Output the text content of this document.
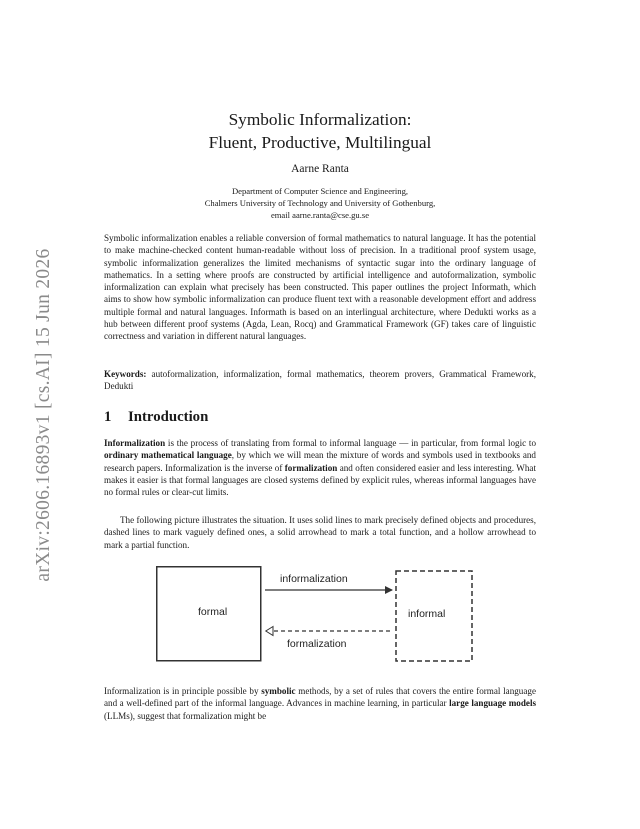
arXiv:2606.16893v1 [cs.AI] 15 Jun 2026
Symbolic Informalization:
Fluent, Productive, Multilingual
Aarne Ranta
Department of Computer Science and Engineering,
Chalmers University of Technology and University of Gothenburg,
email aarne.ranta@cse.gu.se

Symbolic informalization enables a reliable conversion of formal mathematics to natural language. It has the potential to make machine-checked content human-readable without loss of precision. In a traditional proof system usage, symbolic informalization generalizes the limited mechanisms of syntactic sugar into the ordinary language of mathematics. In a setting where proofs are constructed by artificial intelligence and autoformalization, symbolic informalization can explain what precisely has been constructed. This paper outlines the project Informath, which aims to show how symbolic informalization can produce fluent text with a reasonable development effort and address multiple formal and natural languages. Informath is based on an interlingual architecture, where Dedukti works as a hub between different proof systems (Agda, Lean, Rocq) and Grammatical Framework (GF) takes care of linguistic correctness and variation in different natural languages.

Keywords: autoformalization, informalization, formal mathematics, theorem provers, Grammatical Framework, Dedukti

1 Introduction

Informalization is the process of translating from formal to informal language — in particular, from formal logic to ordinary mathematical language, by which we will mean the mixture of words and symbols used in textbooks and research papers. Informalization is the inverse of formalization and often considered easier and less interesting. What makes it easier is that formal languages are closed systems defined by explicit rules, whereas informal languages have no formal rules or clear-cut limits.

The following picture illustrates the situation. It uses solid lines to mark precisely defined objects and procedures, dashed lines to mark vaguely defined ones, a solid arrowhead to mark a total function, and a hollow arrowhead to mark a partial function.

formal	informal
informalization
formalization

Informalization is in principle possible by symbolic methods, by a set of rules that covers the entire formal language and a well-defined part of the informal language. Advances in machine learning, in particular large language models (LLMs), suggest that formalization might be
